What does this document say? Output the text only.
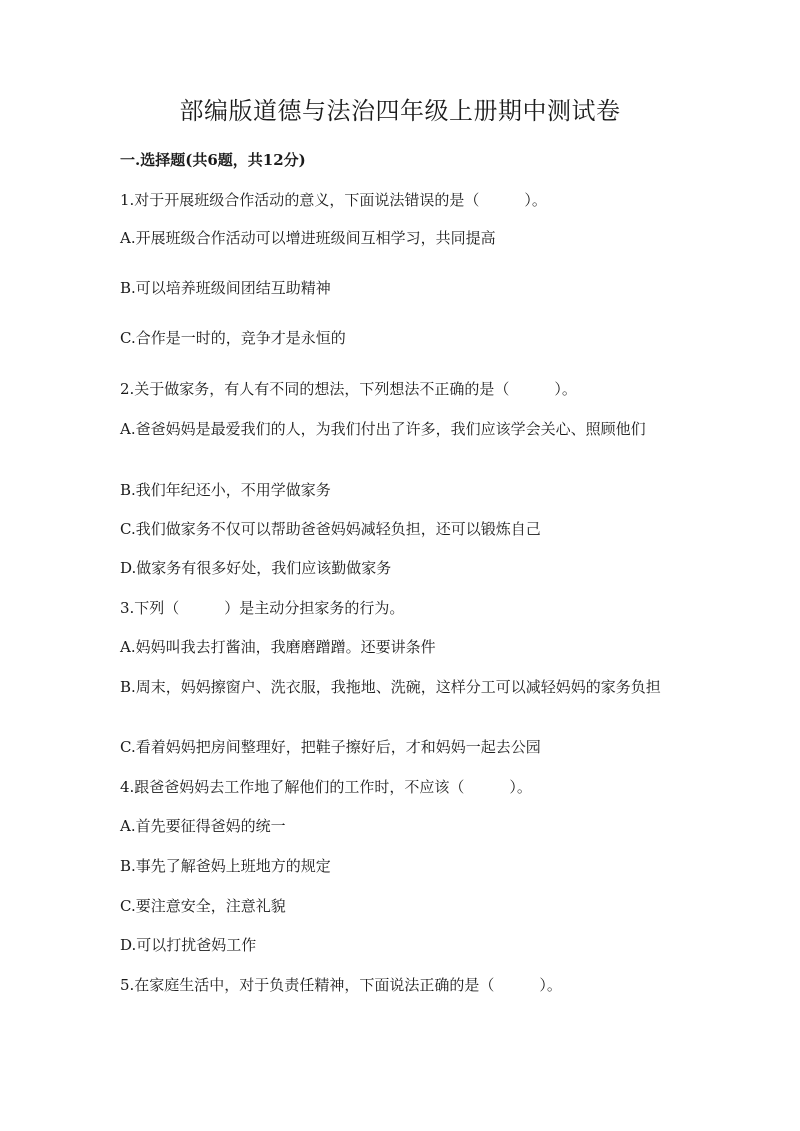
部编版道德与法治四年级上册期中测试卷
一.选择题(共6题，共12分)
1.对于开展班级合作活动的意义，下面说法错误的是（　　　）。
A.开展班级合作活动可以增进班级间互相学习，共同提高
B.可以培养班级间团结互助精神
C.合作是一时的，竞争才是永恒的
2.关于做家务，有人有不同的想法，下列想法不正确的是（　　　）。
A.爸爸妈妈是最爱我们的人，为我们付出了许多，我们应该学会关心、照顾他们
B.我们年纪还小，不用学做家务
C.我们做家务不仅可以帮助爸爸妈妈减轻负担，还可以锻炼自己
D.做家务有很多好处，我们应该勤做家务
3.下列（　　　）是主动分担家务的行为。
A.妈妈叫我去打酱油，我磨磨蹭蹭。还要讲条件
B.周末，妈妈擦窗户、洗衣服，我拖地、洗碗，这样分工可以减轻妈妈的家务负担
C.看着妈妈把房间整理好，把鞋子擦好后，才和妈妈一起去公园
4.跟爸爸妈妈去工作地了解他们的工作时，不应该（　　　）。
A.首先要征得爸妈的统一
B.事先了解爸妈上班地方的规定
C.要注意安全，注意礼貌
D.可以打扰爸妈工作
5.在家庭生活中，对于负责任精神，下面说法正确的是（　　　）。
